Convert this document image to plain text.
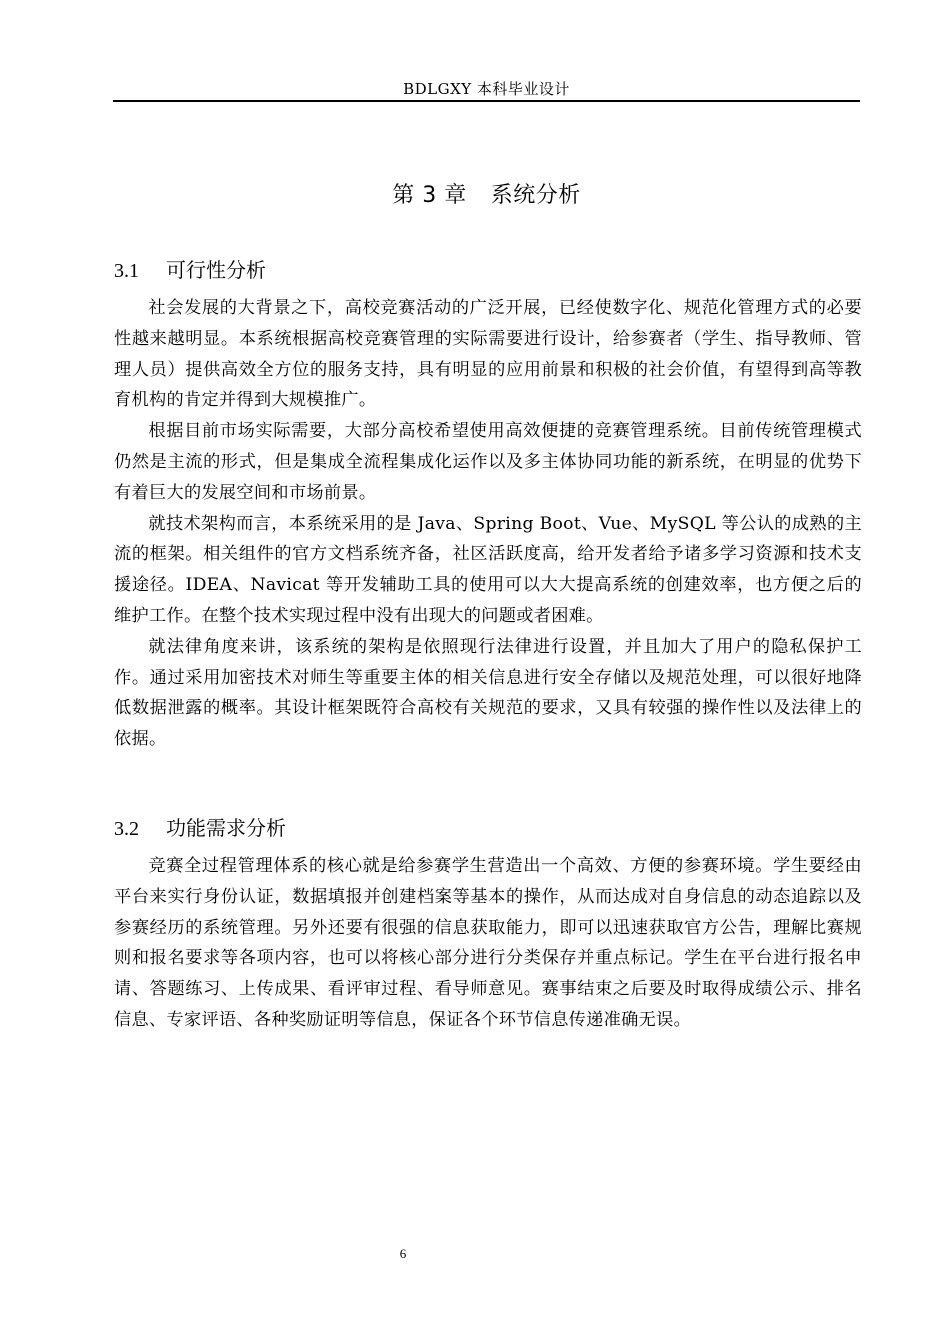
BDLGXY 本科毕业设计
第 3 章 系统分析
3.1 可行性分析

社会发展的大背景之下，高校竞赛活动的广泛开展，已经使数字化、规范化管理方式的必要性越来越明显。本系统根据高校竞赛管理的实际需要进行设计，给参赛者（学生、指导教师、管理人员）提供高效全方位的服务支持，具有明显的应用前景和积极的社会价值，有望得到高等教育机构的肯定并得到大规模推广。

根据目前市场实际需要，大部分高校希望使用高效便捷的竞赛管理系统。目前传统管理模式仍然是主流的形式，但是集成全流程集成化运作以及多主体协同功能的新系统，在明显的优势下有着巨大的发展空间和市场前景。

就技术架构而言，本系统采用的是 Java、Spring Boot、Vue、MySQL 等公认的成熟的主流的框架。相关组件的官方文档系统齐备，社区活跃度高，给开发者给予诸多学习资源和技术支援途径。IDEA、Navicat 等开发辅助工具的使用可以大大提高系统的创建效率，也方便之后的维护工作。在整个技术实现过程中没有出现大的问题或者困难。

就法律角度来讲，该系统的架构是依照现行法律进行设置，并且加大了用户的隐私保护工作。通过采用加密技术对师生等重要主体的相关信息进行安全存储以及规范处理，可以很好地降低数据泄露的概率。其设计框架既符合高校有关规范的要求，又具有较强的操作性以及法律上的依据。

3.2 功能需求分析

竞赛全过程管理体系的核心就是给参赛学生营造出一个高效、方便的参赛环境。学生要经由平台来实行身份认证，数据填报并创建档案等基本的操作，从而达成对自身信息的动态追踪以及参赛经历的系统管理。另外还要有很强的信息获取能力，即可以迅速获取官方公告，理解比赛规则和报名要求等各项内容，也可以将核心部分进行分类保存并重点标记。学生在平台进行报名申请、答题练习、上传成果、看评审过程、看导师意见。赛事结束之后要及时取得成绩公示、排名信息、专家评语、各种奖励证明等信息，保证各个环节信息传递准确无误。

6
